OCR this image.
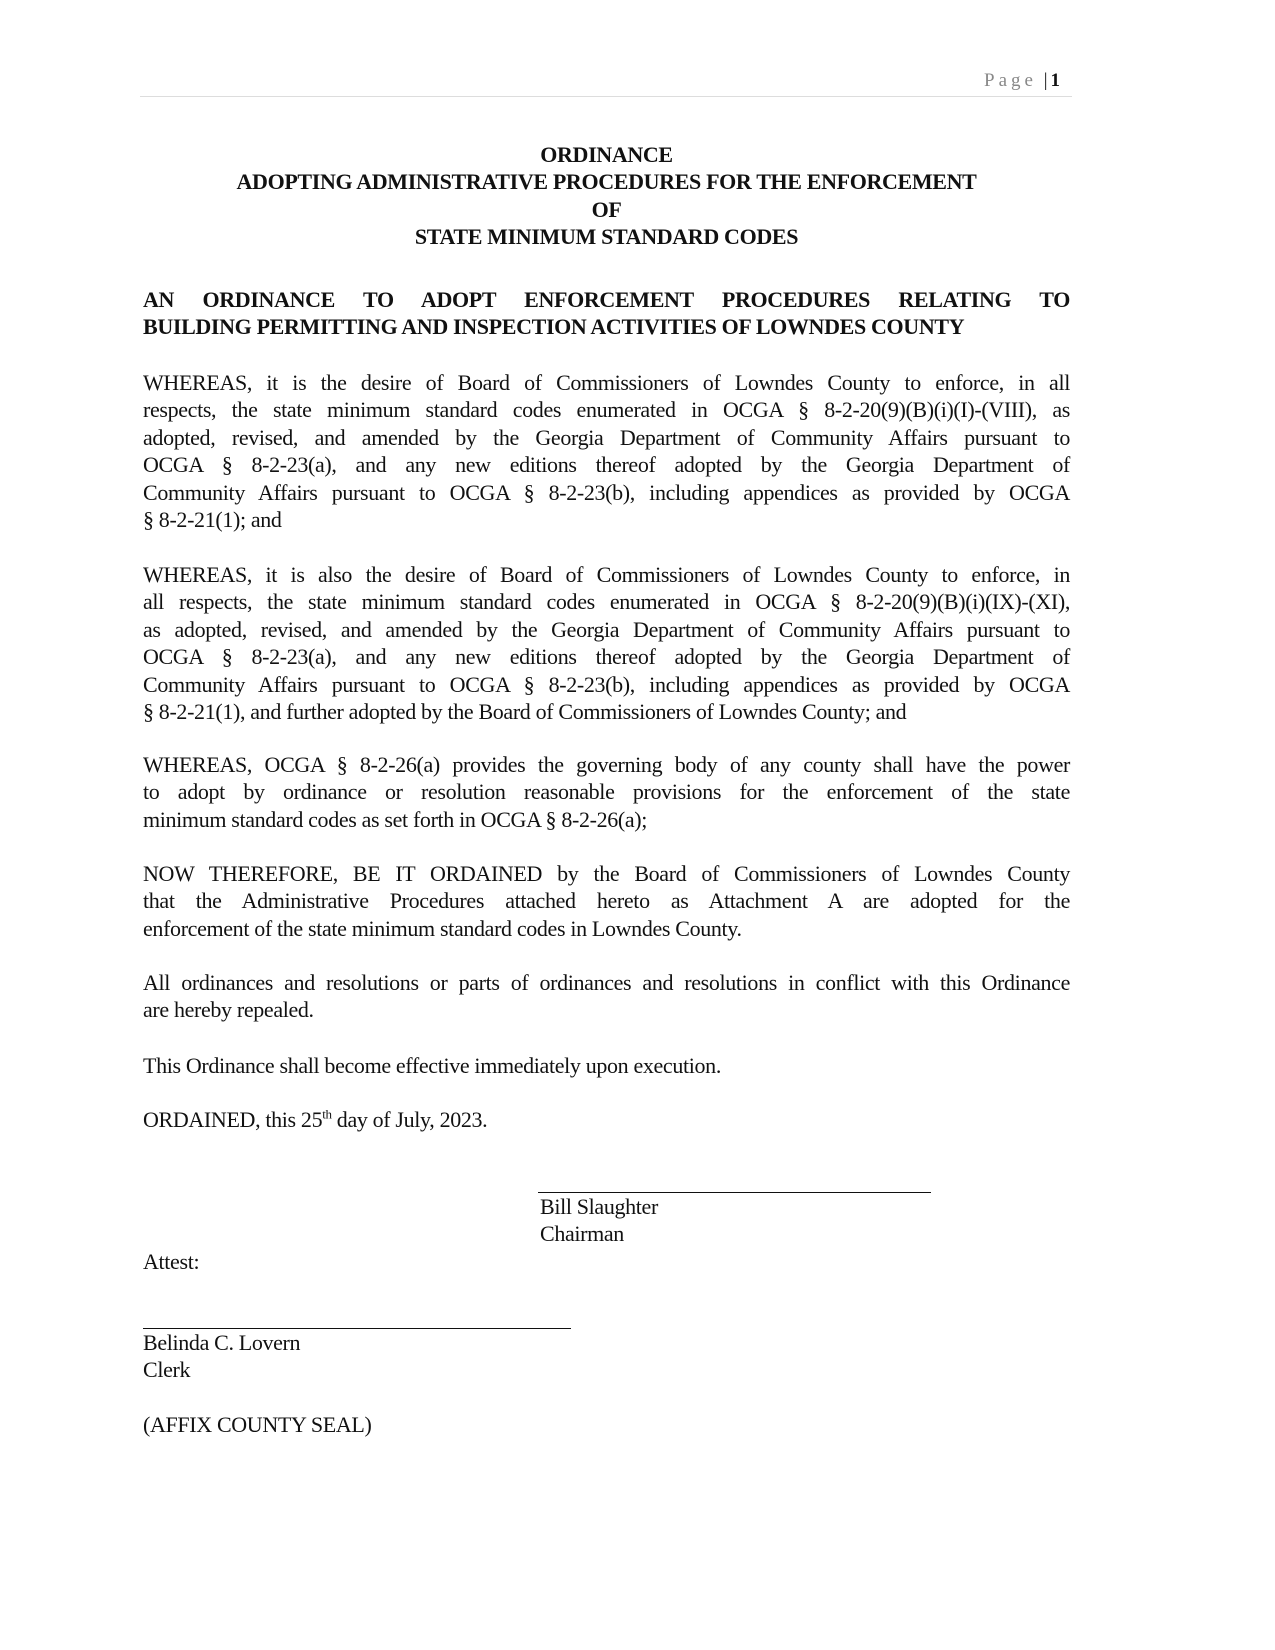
Page | 1
ORDINANCE
ADOPTING ADMINISTRATIVE PROCEDURES FOR THE ENFORCEMENT
OF
STATE MINIMUM STANDARD CODES
AN ORDINANCE TO ADOPT ENFORCEMENT PROCEDURES RELATING TO
BUILDING PERMITTING AND INSPECTION ACTIVITIES OF LOWNDES COUNTY
WHEREAS, it is the desire of Board of Commissioners of Lowndes County to enforce, in all
respects, the state minimum standard codes enumerated in OCGA § 8-2-20(9)(B)(i)(I)-(VIII), as
adopted, revised, and amended by the Georgia Department of Community Affairs pursuant to
OCGA § 8-2-23(a), and any new editions thereof adopted by the Georgia Department of
Community Affairs pursuant to OCGA § 8-2-23(b), including appendices as provided by OCGA
§ 8-2-21(1); and
WHEREAS, it is also the desire of Board of Commissioners of Lowndes County to enforce, in
all respects, the state minimum standard codes enumerated in OCGA § 8-2-20(9)(B)(i)(IX)-(XI),
as adopted, revised, and amended by the Georgia Department of Community Affairs pursuant to
OCGA § 8-2-23(a), and any new editions thereof adopted by the Georgia Department of
Community Affairs pursuant to OCGA § 8-2-23(b), including appendices as provided by OCGA
§ 8-2-21(1), and further adopted by the Board of Commissioners of Lowndes County; and
WHEREAS, OCGA § 8-2-26(a) provides the governing body of any county shall have the power
to adopt by ordinance or resolution reasonable provisions for the enforcement of the state
minimum standard codes as set forth in OCGA § 8-2-26(a);
NOW THEREFORE, BE IT ORDAINED by the Board of Commissioners of Lowndes County
that the Administrative Procedures attached hereto as Attachment A are adopted for the
enforcement of the state minimum standard codes in Lowndes County.
All ordinances and resolutions or parts of ordinances and resolutions in conflict with this Ordinance
are hereby repealed.
This Ordinance shall become effective immediately upon execution.
ORDAINED, this 25th day of July, 2023.
Bill Slaughter
Chairman
Attest:
Belinda C. Lovern
Clerk
(AFFIX COUNTY SEAL)
